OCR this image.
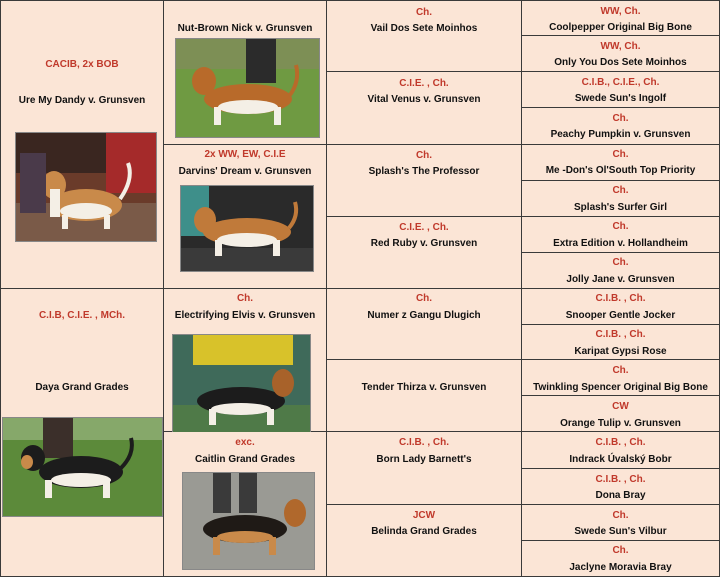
CACIB, 2x BOB
Ure My Dandy v. Grunsven
C.I.B, C.I.E. , MCh.
Daya Grand Grades
Nut-Brown Nick v. Grunsven
2x WW, EW, C.I.E
Darvins' Dream v. Grunsven
Ch.
Electrifying Elvis v. Grunsven
exc.
Caitlin Grand Grades
Ch.
Vail Dos Sete Moinhos
C.I.E. , Ch.
Vital Venus v. Grunsven
Ch.
Splash's The Professor
C.I.E. , Ch.
Red Ruby v. Grunsven
Ch.
Numer z Gangu Dlugich
Tender Thirza v. Grunsven
C.I.B. , Ch.
Born Lady Barnett's
JCW
Belinda Grand Grades
WW, Ch.
Coolpepper Original Big Bone
WW, Ch.
Only You Dos Sete Moinhos
C.I.B., C.I.E., Ch.
Swede Sun's Ingolf
Ch.
Peachy Pumpkin v. Grunsven
Ch.
Me -Don's Ol'South Top Priority
Ch.
Splash's Surfer Girl
Ch.
Extra Edition v. Hollandheim
Ch.
Jolly Jane v. Grunsven
C.I.B. , Ch.
Snooper Gentle Jocker
C.I.B. , Ch.
Karipat Gypsi Rose
Ch.
Twinkling Spencer Original Big Bone
CW
Orange Tulip v. Grunsven
C.I.B. , Ch.
Indrack Úvalský Bobr
C.I.B. , Ch.
Dona Bray
Ch.
Swede Sun's Vilbur
Ch.
Jaclyne Moravia Bray
